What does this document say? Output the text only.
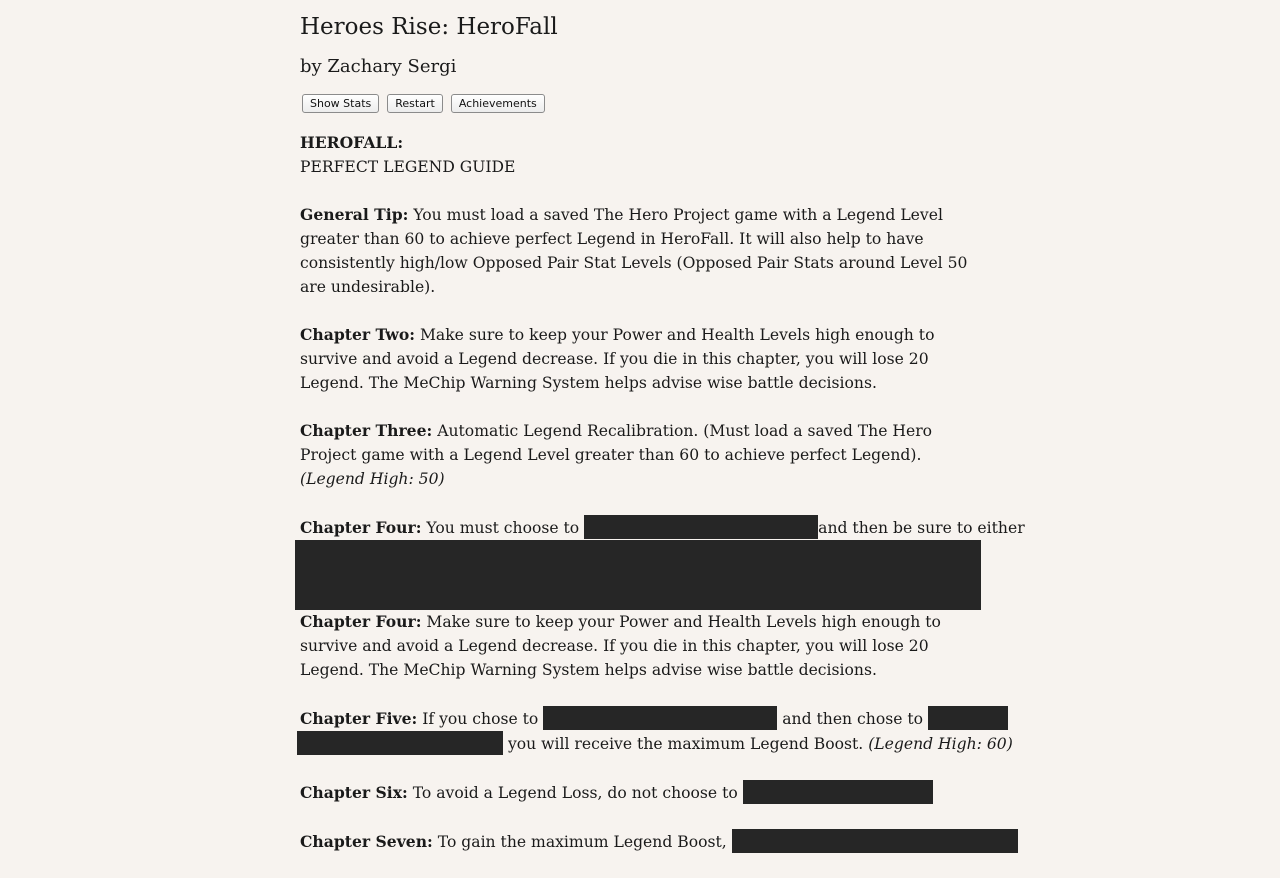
Heroes Rise: HeroFall
by Zachary Sergi
Show Stats	Restart	Achievements
HEROFALL:
PERFECT LEGEND GUIDE
General Tip: You must load a saved The Hero Project game with a Legend Level greater than 60 to achieve perfect Legend in HeroFall. It will also help to have consistently high/low Opposed Pair Stat Levels (Opposed Pair Stats around Level 50 are undesirable).
Chapter Two: Make sure to keep your Power and Health Levels high enough to survive and avoid a Legend decrease. If you die in this chapter, you will lose 20 Legend. The MeChip Warning System helps advise wise battle decisions.
Chapter Three: Automatic Legend Recalibration. (Must load a saved The Hero Project game with a Legend Level greater than 60 to achieve perfect Legend). (Legend High: 50)
Chapter Four: You must choose to	and then be sure to either
Chapter Four: Make sure to keep your Power and Health Levels high enough to survive and avoid a Legend decrease. If you die in this chapter, you will lose 20 Legend. The MeChip Warning System helps advise wise battle decisions.
Chapter Five: If you chose to	and then chose to
you will receive the maximum Legend Boost. (Legend High: 60)
Chapter Six: To avoid a Legend Loss, do not choose to
Chapter Seven: To gain the maximum Legend Boost,
